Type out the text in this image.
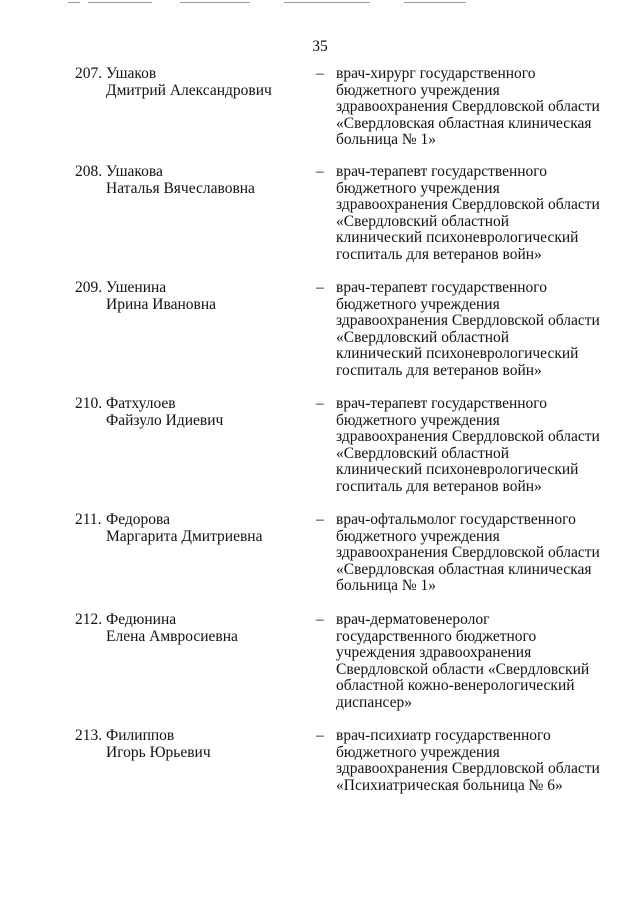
35
207. Ушаков
Дмитрий Александрович
– врач-хирург государственного
бюджетного учреждения
здравоохранения Свердловской области
«Свердловская областная клиническая
больница № 1»
208. Ушакова
Наталья Вячеславовна
– врач-терапевт государственного
бюджетного учреждения
здравоохранения Свердловской области
«Свердловский областной
клинический психоневрологический
госпиталь для ветеранов войн»
209. Ушенина
Ирина Ивановна
– врач-терапевт государственного
бюджетного учреждения
здравоохранения Свердловской области
«Свердловский областной
клинический психоневрологический
госпиталь для ветеранов войн»
210. Фатхулоев
Файзуло Идиевич
– врач-терапевт государственного
бюджетного учреждения
здравоохранения Свердловской области
«Свердловский областной
клинический психоневрологический
госпиталь для ветеранов войн»
211. Федорова
Маргарита Дмитриевна
– врач-офтальмолог государственного
бюджетного учреждения
здравоохранения Свердловской области
«Свердловская областная клиническая
больница № 1»
212. Федюнина
Елена Амвросиевна
– врач-дерматовенеролог
государственного бюджетного
учреждения здравоохранения
Свердловской области «Свердловский
областной кожно-венерологический
диспансер»
213. Филиппов
Игорь Юрьевич
– врач-психиатр государственного
бюджетного учреждения
здравоохранения Свердловской области
«Психиатрическая больница № 6»
